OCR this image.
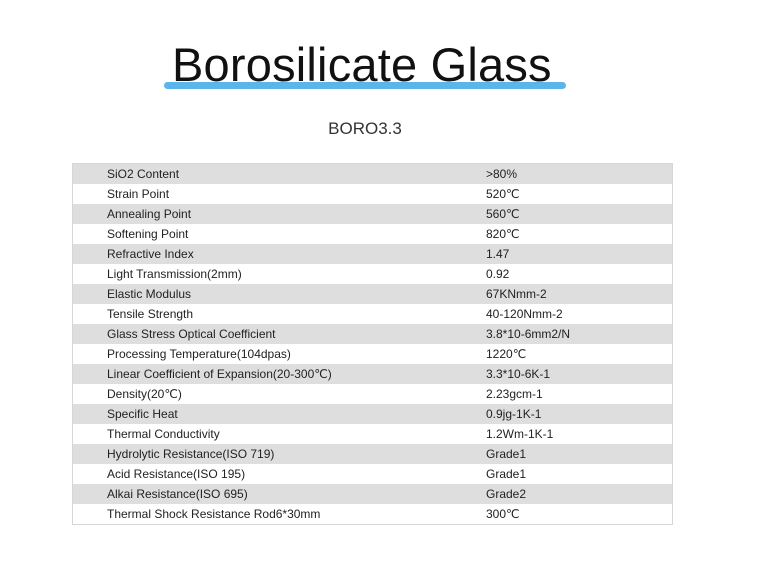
Borosilicate Glass
BORO3.3
SiO2 Content	>80%
Strain Point	520℃
Annealing Point	560℃
Softening Point	820℃
Refractive Index	1.47
Light Transmission(2mm)	0.92
Elastic Modulus	67KNmm-2
Tensile Strength	40-120Nmm-2
Glass Stress Optical Coefficient	3.8*10-6mm2/N
Processing Temperature(104dpas)	1220℃
Linear Coefficient of Expansion(20-300℃)	3.3*10-6K-1
Density(20℃)	2.23gcm-1
Specific Heat	0.9jg-1K-1
Thermal Conductivity	1.2Wm-1K-1
Hydrolytic Resistance(ISO 719)	Grade1
Acid Resistance(ISO 195)	Grade1
Alkai Resistance(ISO 695)	Grade2
Thermal Shock Resistance Rod6*30mm	300℃
